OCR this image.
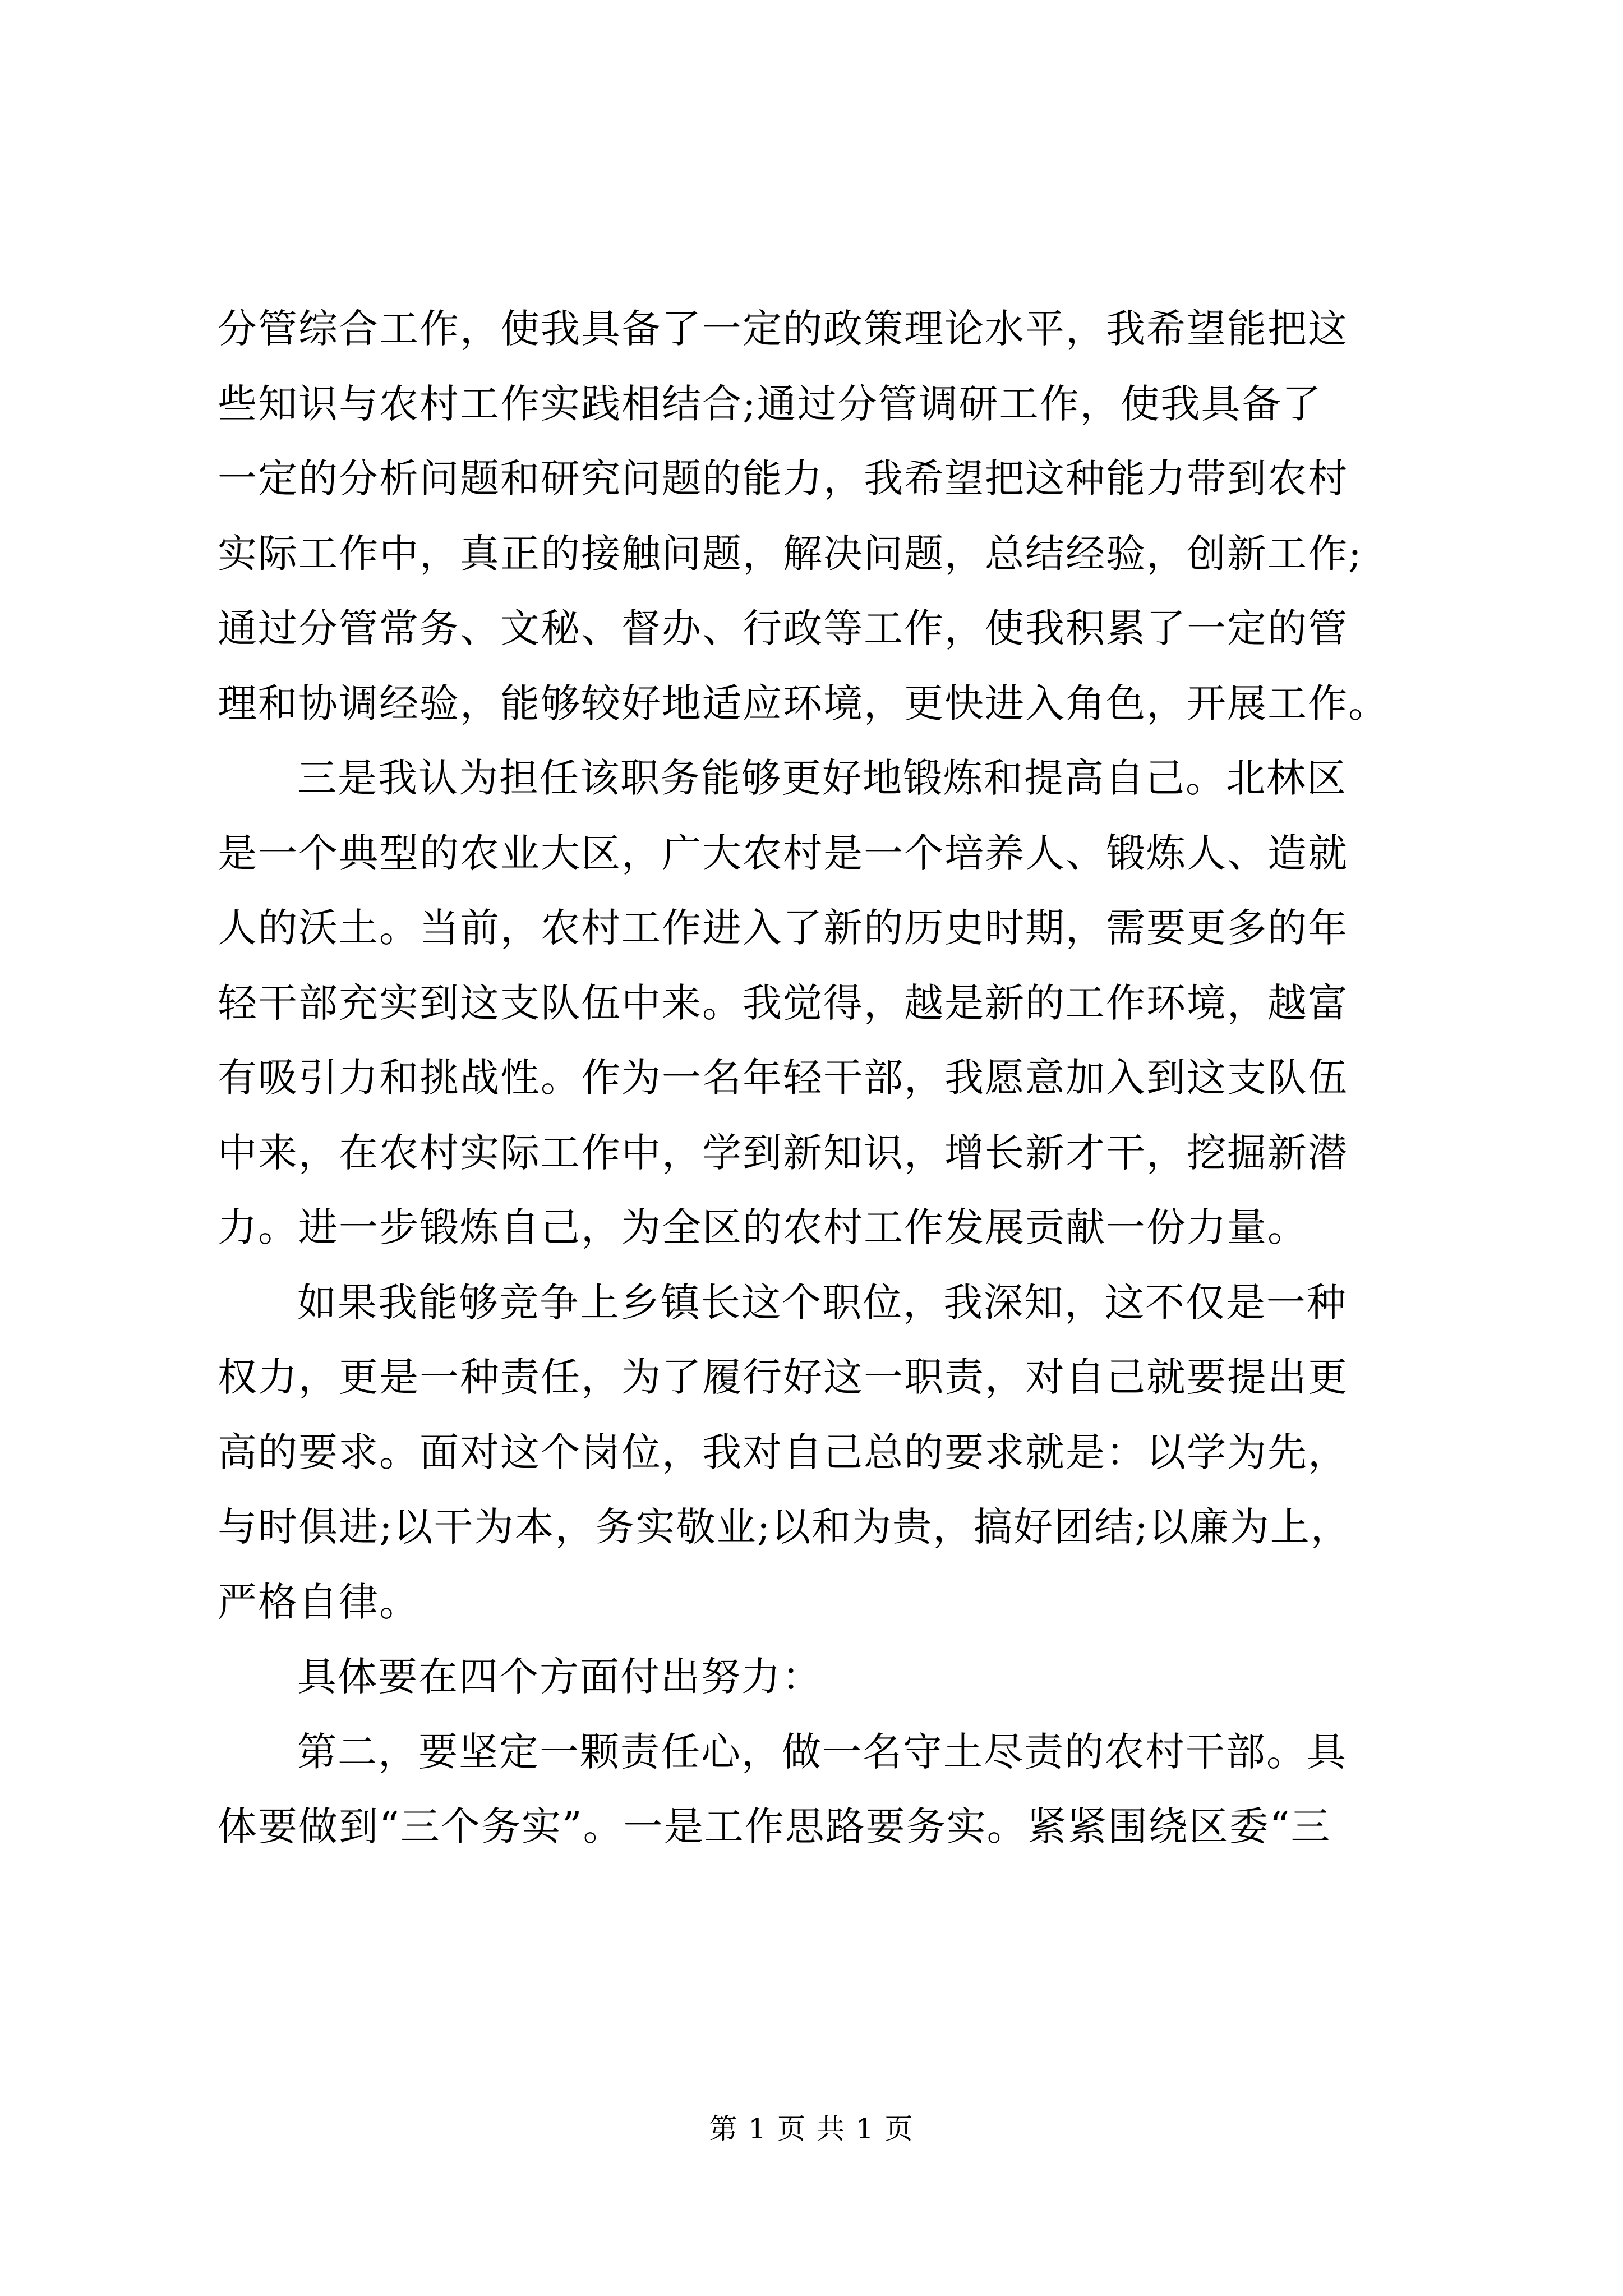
分管综合工作，使我具备了一定的政策理论水平，我希望能把这
些知识与农村工作实践相结合;通过分管调研工作，使我具备了
一定的分析问题和研究问题的能力，我希望把这种能力带到农村
实际工作中，真正的接触问题，解决问题，总结经验，创新工作;
通过分管常务、文秘、督办、行政等工作，使我积累了一定的管
理和协调经验，能够较好地适应环境，更快进入角色，开展工作。
三是我认为担任该职务能够更好地锻炼和提高自己。北林区
是一个典型的农业大区，广大农村是一个培养人、锻炼人、造就
人的沃土。当前，农村工作进入了新的历史时期，需要更多的年
轻干部充实到这支队伍中来。我觉得，越是新的工作环境，越富
有吸引力和挑战性。作为一名年轻干部，我愿意加入到这支队伍
中来，在农村实际工作中，学到新知识，增长新才干，挖掘新潜
力。进一步锻炼自己，为全区的农村工作发展贡献一份力量。
如果我能够竞争上乡镇长这个职位，我深知，这不仅是一种
权力，更是一种责任，为了履行好这一职责，对自己就要提出更
高的要求。面对这个岗位，我对自己总的要求就是：以学为先，
与时俱进;以干为本，务实敬业;以和为贵，搞好团结;以廉为上，
严格自律。
具体要在四个方面付出努力：
第二，要坚定一颗责任心，做一名守土尽责的农村干部。具
体要做到“三个务实”。一是工作思路要务实。紧紧围绕区委“三
第 1 页 共 1 页
